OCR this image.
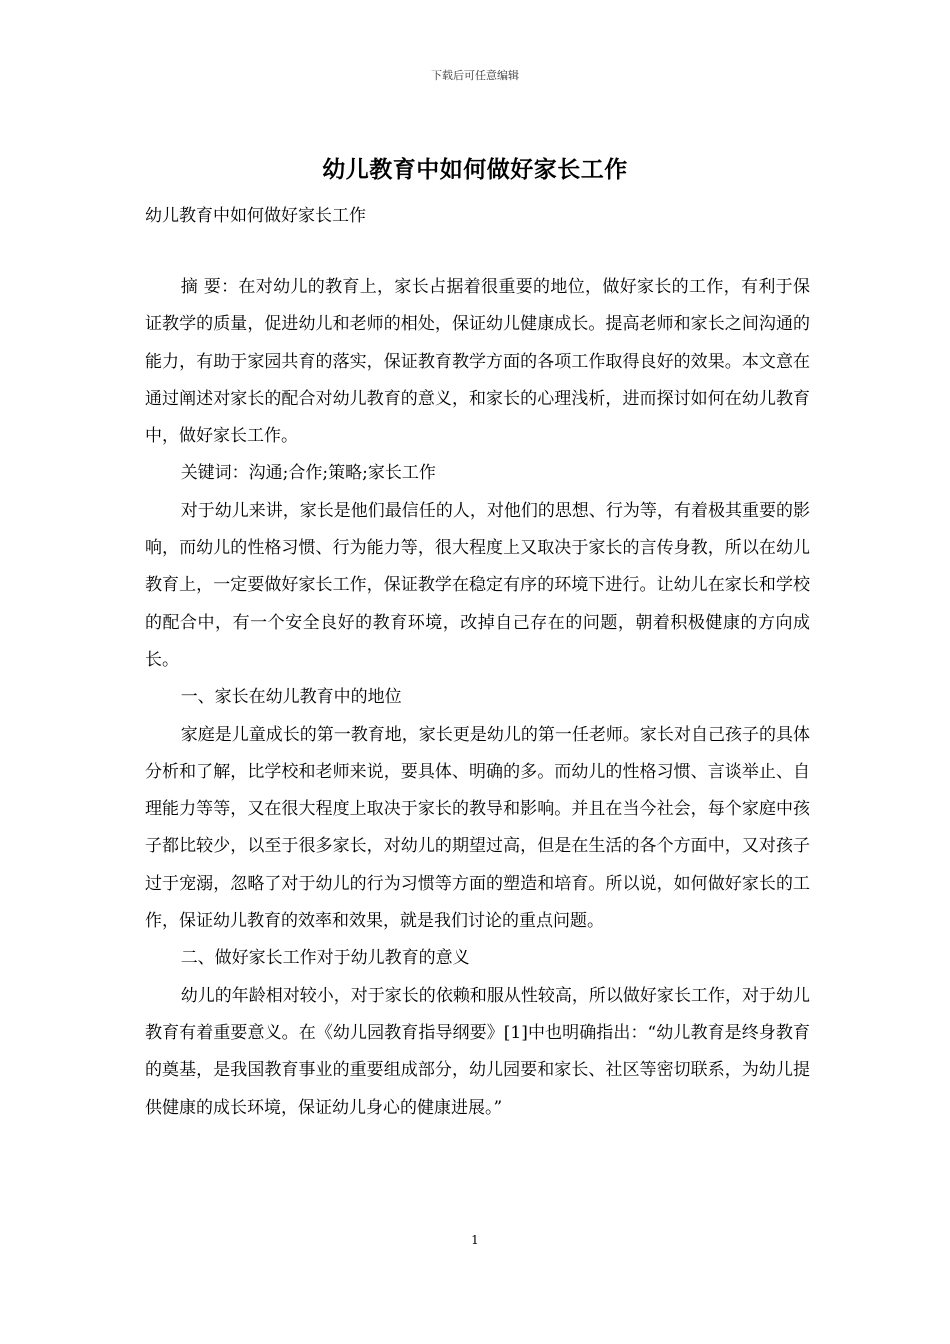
下载后可任意编辑
幼儿教育中如何做好家长工作
幼儿教育中如何做好家长工作

摘 要：在对幼儿的教育上，家长占据着很重要的地位，做好家长的工作，有利于保证教学的质量，促进幼儿和老师的相处，保证幼儿健康成长。提高老师和家长之间沟通的能力，有助于家园共育的落实，保证教育教学方面的各项工作取得良好的效果。本文意在通过阐述对家长的配合对幼儿教育的意义，和家长的心理浅析，进而探讨如何在幼儿教育中，做好家长工作。

关键词：沟通;合作;策略;家长工作

对于幼儿来讲，家长是他们最信任的人，对他们的思想、行为等，有着极其重要的影响，而幼儿的性格习惯、行为能力等，很大程度上又取决于家长的言传身教，所以在幼儿教育上，一定要做好家长工作，保证教学在稳定有序的环境下进行。让幼儿在家长和学校的配合中，有一个安全良好的教育环境，改掉自己存在的问题，朝着积极健康的方向成长。

一、家长在幼儿教育中的地位

家庭是儿童成长的第一教育地，家长更是幼儿的第一任老师。家长对自己孩子的具体分析和了解，比学校和老师来说，要具体、明确的多。而幼儿的性格习惯、言谈举止、自理能力等等，又在很大程度上取决于家长的教导和影响。并且在当今社会，每个家庭中孩子都比较少，以至于很多家长，对幼儿的期望过高，但是在生活的各个方面中，又对孩子过于宠溺，忽略了对于幼儿的行为习惯等方面的塑造和培育。所以说，如何做好家长的工作，保证幼儿教育的效率和效果，就是我们讨论的重点问题。

二、做好家长工作对于幼儿教育的意义

幼儿的年龄相对较小，对于家长的依赖和服从性较高，所以做好家长工作，对于幼儿教育有着重要意义。在《幼儿园教育指导纲要》[1]中也明确指出：“幼儿教育是终身教育的奠基，是我国教育事业的重要组成部分，幼儿园要和家长、社区等密切联系，为幼儿提供健康的成长环境，保证幼儿身心的健康进展。”

1
